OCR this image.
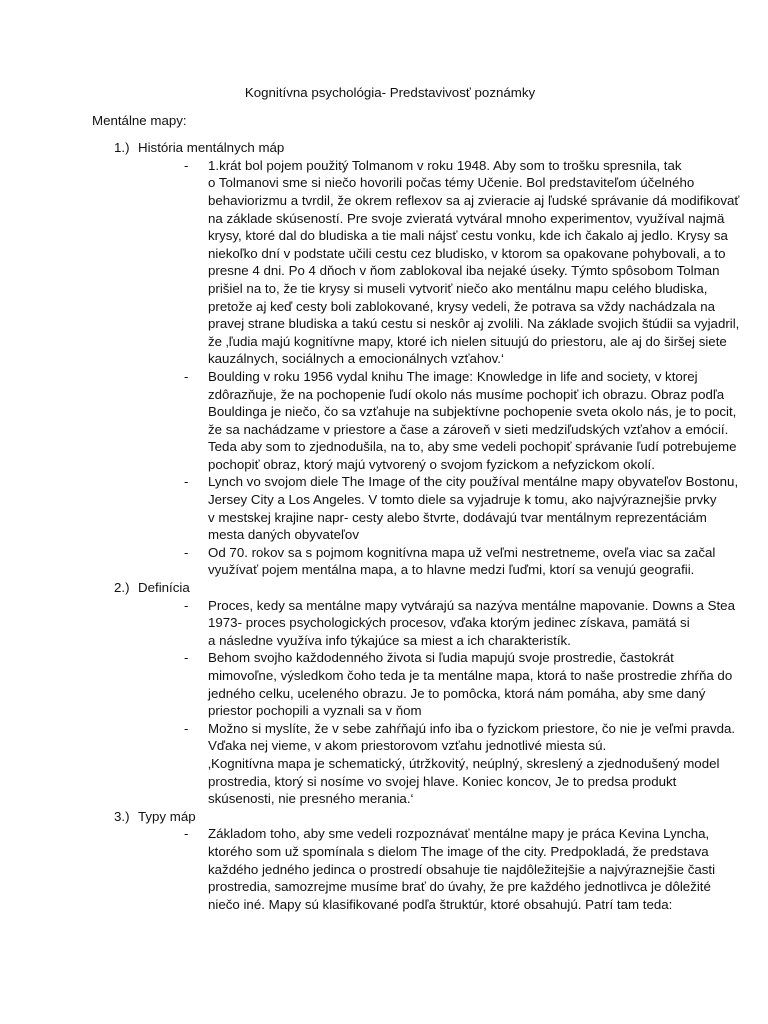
Kognitívna psychológia- Predstavivosť poznámky
Mentálne mapy:
1.) História mentálnych máp
- 1.krát bol pojem použitý Tolmanom v roku 1948. Aby som to trošku spresnila, tak
o Tolmanovi sme si niečo hovorili počas témy Učenie. Bol predstaviteľom účelného
behaviorizmu a tvrdil, že okrem reflexov sa aj zvieracie aj ľudské správanie dá modifikovať
na základe skúseností. Pre svoje zvieratá vytváral mnoho experimentov, využíval najmä
krysy, ktoré dal do bludiska a tie mali nájsť cestu vonku, kde ich čakalo aj jedlo. Krysy sa
niekoľko dní v podstate učili cestu cez bludisko, v ktorom sa opakovane pohybovali, a to
presne 4 dni. Po 4 dňoch v ňom zablokoval iba nejaké úseky. Týmto spôsobom Tolman
prišiel na to, že tie krysy si museli vytvoriť niečo ako mentálnu mapu celého bludiska,
pretože aj keď cesty boli zablokované, krysy vedeli, že potrava sa vždy nachádzala na
pravej strane bludiska a takú cestu si neskôr aj zvolili. Na základe svojich štúdii sa vyjadril,
že ‚ľudia majú kognitívne mapy, ktoré ich nielen situujú do priestoru, ale aj do širšej siete
kauzálnych, sociálnych a emocionálnych vzťahov.‘
- Boulding v roku 1956 vydal knihu The image: Knowledge in life and society, v ktorej
zdôrazňuje, že na pochopenie ľudí okolo nás musíme pochopiť ich obrazu. Obraz podľa
Bouldinga je niečo, čo sa vzťahuje na subjektívne pochopenie sveta okolo nás, je to pocit,
že sa nachádzame v priestore a čase a zároveň v sieti medziľudských vzťahov a emócií.
Teda aby som to zjednodušila, na to, aby sme vedeli pochopiť správanie ľudí potrebujeme
pochopiť obraz, ktorý majú vytvorený o svojom fyzickom a nefyzickom okolí.
- Lynch vo svojom diele The Image of the city používal mentálne mapy obyvateľov Bostonu,
Jersey City a Los Angeles. V tomto diele sa vyjadruje k tomu, ako najvýraznejšie prvky
v mestskej krajine napr- cesty alebo štvrte, dodávajú tvar mentálnym reprezentáciám
mesta daných obyvateľov
- Od 70. rokov sa s pojmom kognitívna mapa už veľmi nestretneme, oveľa viac sa začal
využívať pojem mentálna mapa, a to hlavne medzi ľuďmi, ktorí sa venujú geografii.
2.) Definícia
- Proces, kedy sa mentálne mapy vytvárajú sa nazýva mentálne mapovanie. Downs a Stea
1973- proces psychologických procesov, vďaka ktorým jedinec získava, pamätá si
a následne využíva info týkajúce sa miest a ich charakteristík.
- Behom svojho každodenného života si ľudia mapujú svoje prostredie, častokrát
mimovoľne, výsledkom čoho teda je ta mentálne mapa, ktorá to naše prostredie zhŕňa do
jedného celku, uceleného obrazu. Je to pomôcka, ktorá nám pomáha, aby sme daný
priestor pochopili a vyznali sa v ňom
- Možno si myslíte, že v sebe zahŕňajú info iba o fyzickom priestore, čo nie je veľmi pravda.
Vďaka nej vieme, v akom priestorovom vzťahu jednotlivé miesta sú.
‚Kognitívna mapa je schematický, útržkovitý, neúplný, skreslený a zjednodušený model
prostredia, ktorý si nosíme vo svojej hlave. Koniec koncov, Je to predsa produkt
skúsenosti, nie presného merania.‘
3.) Typy máp
- Základom toho, aby sme vedeli rozpoznávať mentálne mapy je práca Kevina Lyncha,
ktorého som už spomínala s dielom The image of the city. Predpokladá, že predstava
každého jedného jedinca o prostredí obsahuje tie najdôležitejšie a najvýraznejšie časti
prostredia, samozrejme musíme brať do úvahy, že pre každého jednotlivca je dôležité
niečo iné. Mapy sú klasifikované podľa štruktúr, ktoré obsahujú. Patrí tam teda:
